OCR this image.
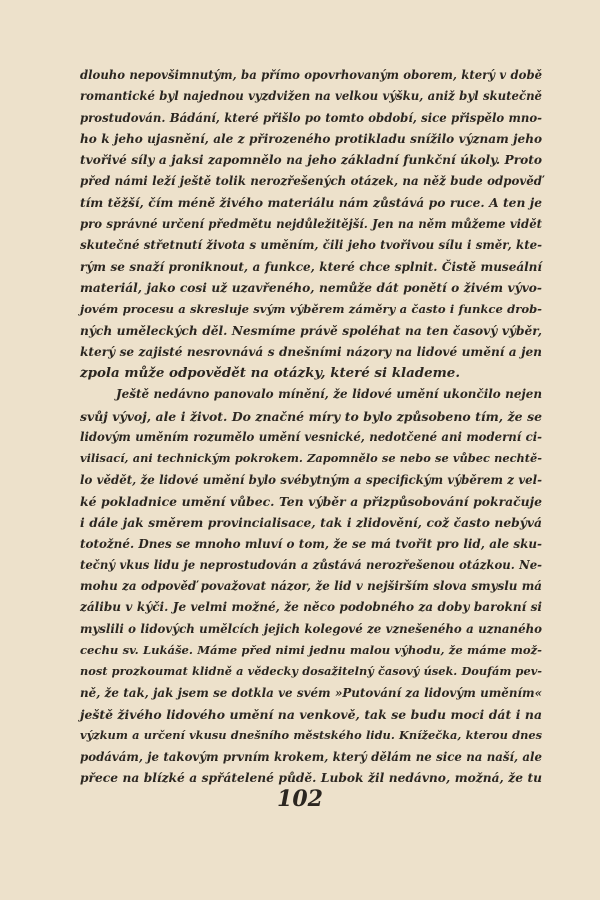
dlouho nepovšimnutým, ba přímo opovrhovaným oborem, který v době
romantické byl najednou vyzdvižen na velkou výšku, aniž byl skutečně
prostudován. Bádání, které přišlo po tomto období, sice přispělo mno-
ho k jeho ujasnění, ale z přirozeného protikladu snížilo význam jeho
tvořivé síly a jaksi zapomnělo na jeho základní funkční úkoly. Proto
před námi leží ještě tolik nerozřešených otázek, na něž bude odpověď
tím těžší, čím méně živého materiálu nám zůstává po ruce. A ten je
pro správné určení předmětu nejdůležitější. Jen na něm můžeme vidět
skutečné střetnutí života s uměním, čili jeho tvořivou sílu i směr, kte-
rým se snaží proniknout, a funkce, které chce splnit. Čistě museální
materiál, jako cosi už uzavřeného, nemůže dát ponětí o živém vývo-
jovém procesu a skresluje svým výběrem záměry a často i funkce drob-
ných uměleckých děl. Nesmíme právě spoléhat na ten časový výběr,
který se zajisté nesrovnává s dnešními názory na lidové umění a jen
zpola může odpovědět na otázky, které si klademe.
Ještě nedávno panovalo mínění, že lidové umění ukončilo nejen
svůj vývoj, ale i život. Do značné míry to bylo způsobeno tím, že se
lidovým uměním rozumělo umění vesnické, nedotčené ani moderní ci-
vilisací, ani technickým pokrokem. Zapomnělo se nebo se vůbec nechtě-
lo vědět, že lidové umění bylo svébytným a specifickým výběrem z vel-
ké pokladnice umění vůbec. Ten výběr a přizpůsobování pokračuje
i dále jak směrem provincialisace, tak i zlidovění, což často nebývá
totožné. Dnes se mnoho mluví o tom, že se má tvořit pro lid, ale sku-
tečný vkus lidu je neprostudován a zůstává nerozřešenou otázkou. Ne-
mohu za odpověď považovat názor, že lid v nejširším slova smyslu má
zálibu v kýči. Je velmi možné, že něco podobného za doby barokní si
myslili o lidových umělcích jejich kolegové ze vznešeného a uznaného
cechu sv. Lukáše. Máme před nimi jednu malou výhodu, že máme mož-
nost prozkoumat klidně a vědecky dosažitelný časový úsek. Doufám pev-
ně, že tak, jak jsem se dotkla ve svém »Putování za lidovým uměním«
ještě živého lidového umění na venkově, tak se budu moci dát i na
výzkum a určení vkusu dnešního městského lidu. Knížečka, kterou dnes
podávám, je takovým prvním krokem, který dělám ne sice na naší, ale
přece na blízké a spřátelené půdě. Lubok žil nedávno, možná, že tu
102
